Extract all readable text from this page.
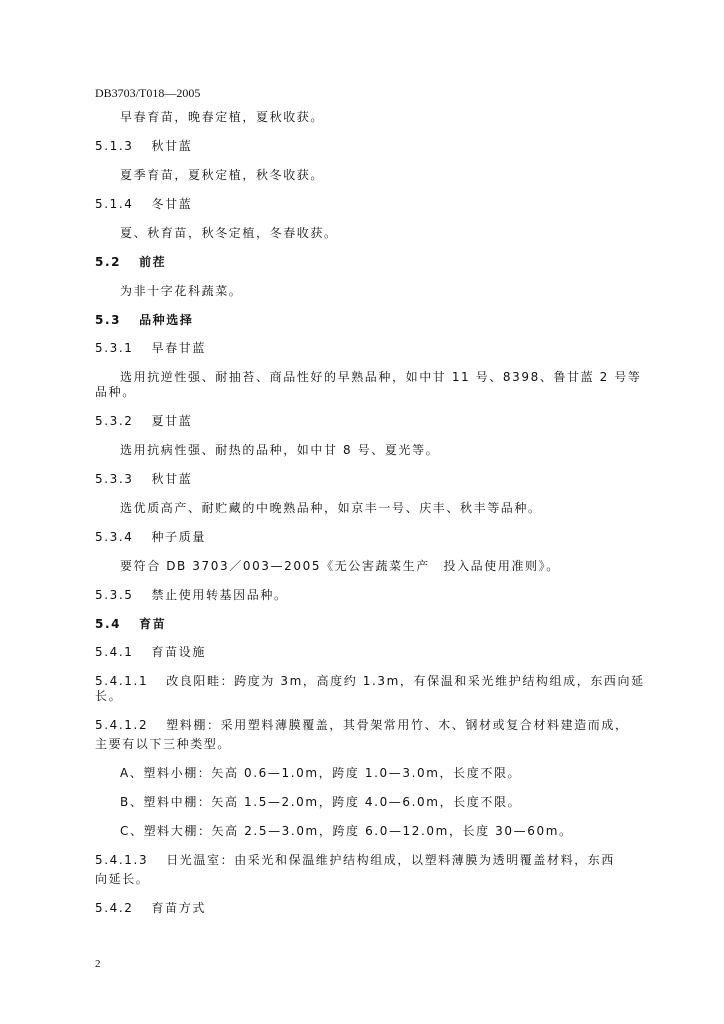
DB3703/T018—2005
早春育苗，晚春定植，夏秋收获。
5.1.3 秋甘蓝
夏季育苗，夏秋定植，秋冬收获。
5.1.4 冬甘蓝
夏、秋育苗，秋冬定植，冬春收获。
5.2 前茬
为非十字花科蔬菜。
5.3 品种选择
5.3.1 早春甘蓝
选用抗逆性强、耐抽苔、商品性好的早熟品种，如中甘 11 号、8398、鲁甘蓝 2 号等
品种。
5.3.2 夏甘蓝
选用抗病性强、耐热的品种，如中甘 8 号、夏光等。
5.3.3 秋甘蓝
选优质高产、耐贮藏的中晚熟品种，如京丰一号、庆丰、秋丰等品种。
5.3.4 种子质量
要符合 DB 3703／003—2005《无公害蔬菜生产　投入品使用准则》。
5.3.5 禁止使用转基因品种。
5.4 育苗
5.4.1 育苗设施
5.4.1.1 改良阳畦：跨度为 3m，高度约 1.3m，有保温和采光维护结构组成，东西向延
长。
5.4.1.2 塑料棚：采用塑料薄膜覆盖，其骨架常用竹、木、钢材或复合材料建造而成，
主要有以下三种类型。
A、塑料小棚：矢高 0.6—1.0m，跨度 1.0—3.0m，长度不限。
B、塑料中棚：矢高 1.5—2.0m，跨度 4.0—6.0m，长度不限。
C、塑料大棚：矢高 2.5—3.0m，跨度 6.0—12.0m，长度 30—60m。
5.4.1.3 日光温室：由采光和保温维护结构组成，以塑料薄膜为透明覆盖材料，东西
向延长。
5.4.2 育苗方式
2
